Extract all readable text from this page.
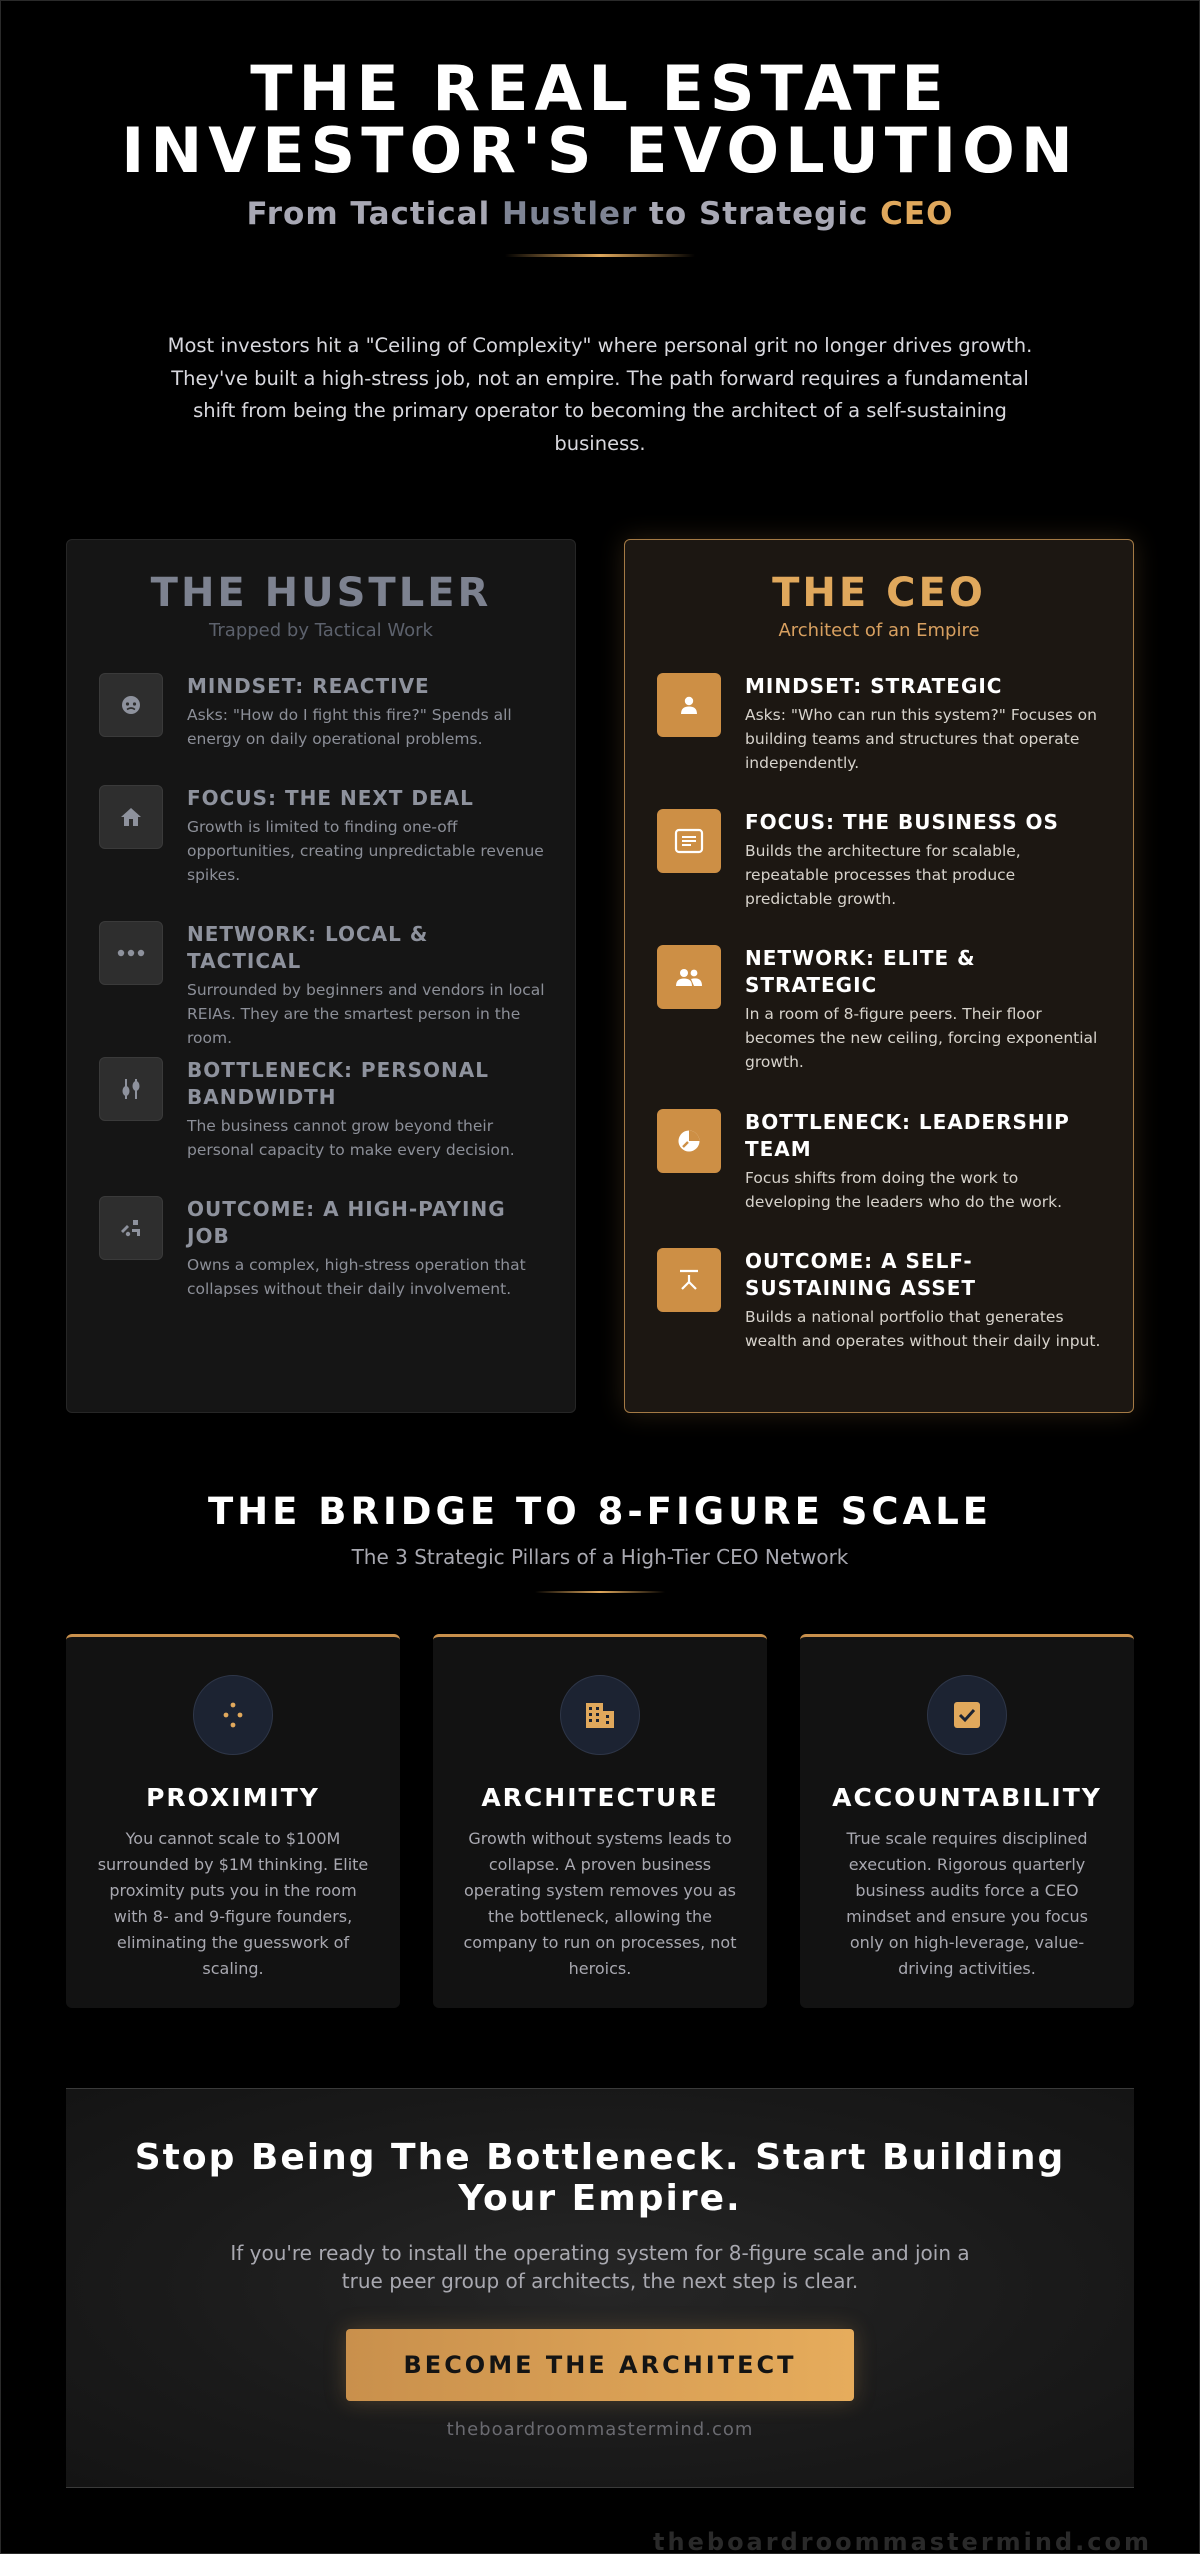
THE REAL ESTATE
INVESTOR'S EVOLUTION
From Tactical Hustler to Strategic CEO

Most investors hit a "Ceiling of Complexity" where personal grit no longer drives growth. They've built a high-stress job, not an empire. The path forward requires a fundamental shift from being the primary operator to becoming the architect of a self-sustaining business.

THE HUSTLER
Trapped by Tactical Work
MINDSET: REACTIVE
Asks: "How do I fight this fire?" Spends all energy on daily operational problems.
FOCUS: THE NEXT DEAL
Growth is limited to finding one-off opportunities, creating unpredictable revenue spikes.
NETWORK: LOCAL & TACTICAL
Surrounded by beginners and vendors in local REIAs. They are the smartest person in the room.
BOTTLENECK: PERSONAL BANDWIDTH
The business cannot grow beyond their personal capacity to make every decision.
OUTCOME: A HIGH-PAYING JOB
Owns a complex, high-stress operation that collapses without their daily involvement.
THE CEO
Architect of an Empire
MINDSET: STRATEGIC
Asks: "Who can run this system?" Focuses on building teams and structures that operate independently.
FOCUS: THE BUSINESS OS
Builds the architecture for scalable, repeatable processes that produce predictable growth.
NETWORK: ELITE & STRATEGIC
In a room of 8-figure peers. Their floor becomes the new ceiling, forcing exponential growth.
BOTTLENECK: LEADERSHIP TEAM
Focus shifts from doing the work to developing the leaders who do the work.
OUTCOME: A SELF-SUSTAINING ASSET
Builds a national portfolio that generates wealth and operates without their daily input.
THE BRIDGE TO 8-FIGURE SCALE
The 3 Strategic Pillars of a High-Tier CEO Network
PROXIMITY
You cannot scale to $100M surrounded by $1M thinking. Elite proximity puts you in the room with 8- and 9-figure founders, eliminating the guesswork of scaling.
ARCHITECTURE
Growth without systems leads to collapse. A proven business operating system removes you as the bottleneck, allowing the company to run on processes, not heroics.
ACCOUNTABILITY
True scale requires disciplined execution. Rigorous quarterly business audits force a CEO mindset and ensure you focus only on high-leverage, value-driving activities.
Stop Being The Bottleneck. Start Building Your Empire.

If you're ready to install the operating system for 8-figure scale and join a true peer group of architects, the next step is clear.

BECOME THE ARCHITECT
theboardroommastermind.com
theboardroommastermind.com
